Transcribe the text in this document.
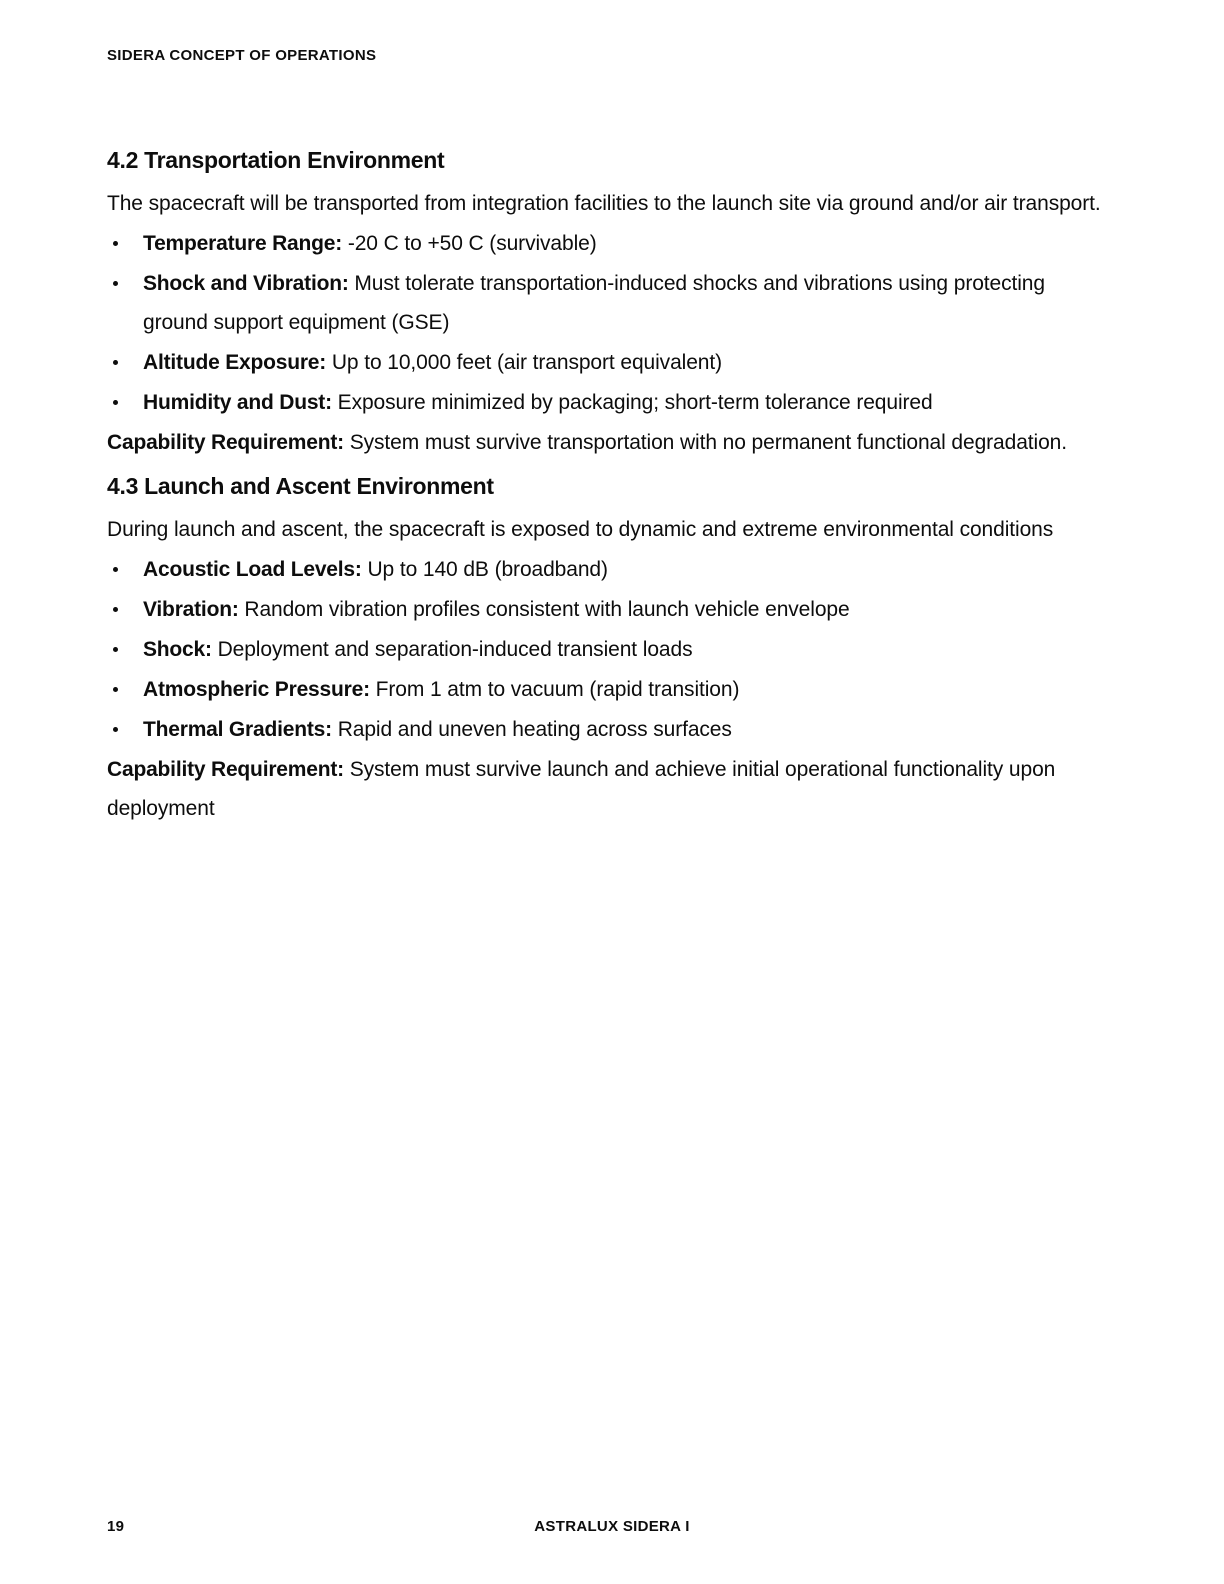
SIDERA CONCEPT OF OPERATIONS
4.2 Transportation Environment

The spacecraft will be transported from integration facilities to the launch site via ground and/or air transport.

Temperature Range: -20 C to +50 C (survivable)
Shock and Vibration: Must tolerate transportation-induced shocks and vibrations using protecting ground support equipment (GSE)
Altitude Exposure: Up to 10,000 feet (air transport equivalent)
Humidity and Dust: Exposure minimized by packaging; short-term tolerance required

Capability Requirement: System must survive transportation with no permanent functional degradation.

4.3 Launch and Ascent Environment

During launch and ascent, the spacecraft is exposed to dynamic and extreme environmental conditions

Acoustic Load Levels: Up to 140 dB (broadband)
Vibration: Random vibration profiles consistent with launch vehicle envelope
Shock: Deployment and separation-induced transient loads
Atmospheric Pressure: From 1 atm to vacuum (rapid transition)
Thermal Gradients: Rapid and uneven heating across surfaces

Capability Requirement: System must survive launch and achieve initial operational functionality upon deployment

19	ASTRALUX SIDERA I
